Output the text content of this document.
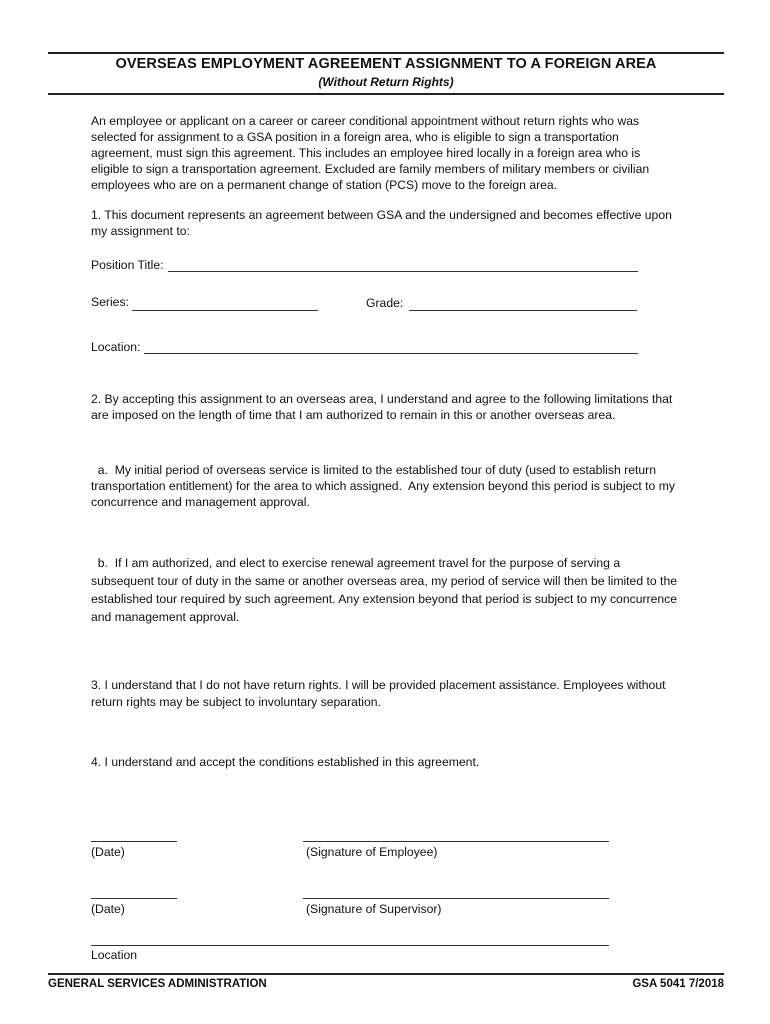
OVERSEAS EMPLOYMENT AGREEMENT ASSIGNMENT TO A FOREIGN AREA
(Without Return Rights)
An employee or applicant on a career or career conditional appointment without return rights who was selected for assignment to a GSA position in a foreign area, who is eligible to sign a transportation agreement, must sign this agreement. This includes an employee hired locally in a foreign area who is eligible to sign a transportation agreement. Excluded are family members of military members or civilian employees who are on a permanent change of station (PCS) move to the foreign area.
1. This document represents an agreement between GSA and the undersigned and becomes effective upon my assignment to:
Position Title:
Series:	Grade:
Location:
2. By accepting this assignment to an overseas area, I understand and agree to the following limitations that are imposed on the length of time that I am authorized to remain in this or another overseas area.
a.  My initial period of overseas service is limited to the established tour of duty (used to establish return transportation entitlement) for the area to which assigned.  Any extension beyond this period is subject to my concurrence and management approval.
b.  If I am authorized, and elect to exercise renewal agreement travel for the purpose of serving a subsequent tour of duty in the same or another overseas area, my period of service will then be limited to the established tour required by such agreement. Any extension beyond that period is subject to my concurrence and management approval.
3. I understand that I do not have return rights. I will be provided placement assistance. Employees without return rights may be subject to involuntary separation.
4. I understand and accept the conditions established in this agreement.
(Date)	(Signature of Employee)
(Date)	(Signature of Supervisor)
Location
GENERAL SERVICES ADMINISTRATION	GSA 5041 7/2018
